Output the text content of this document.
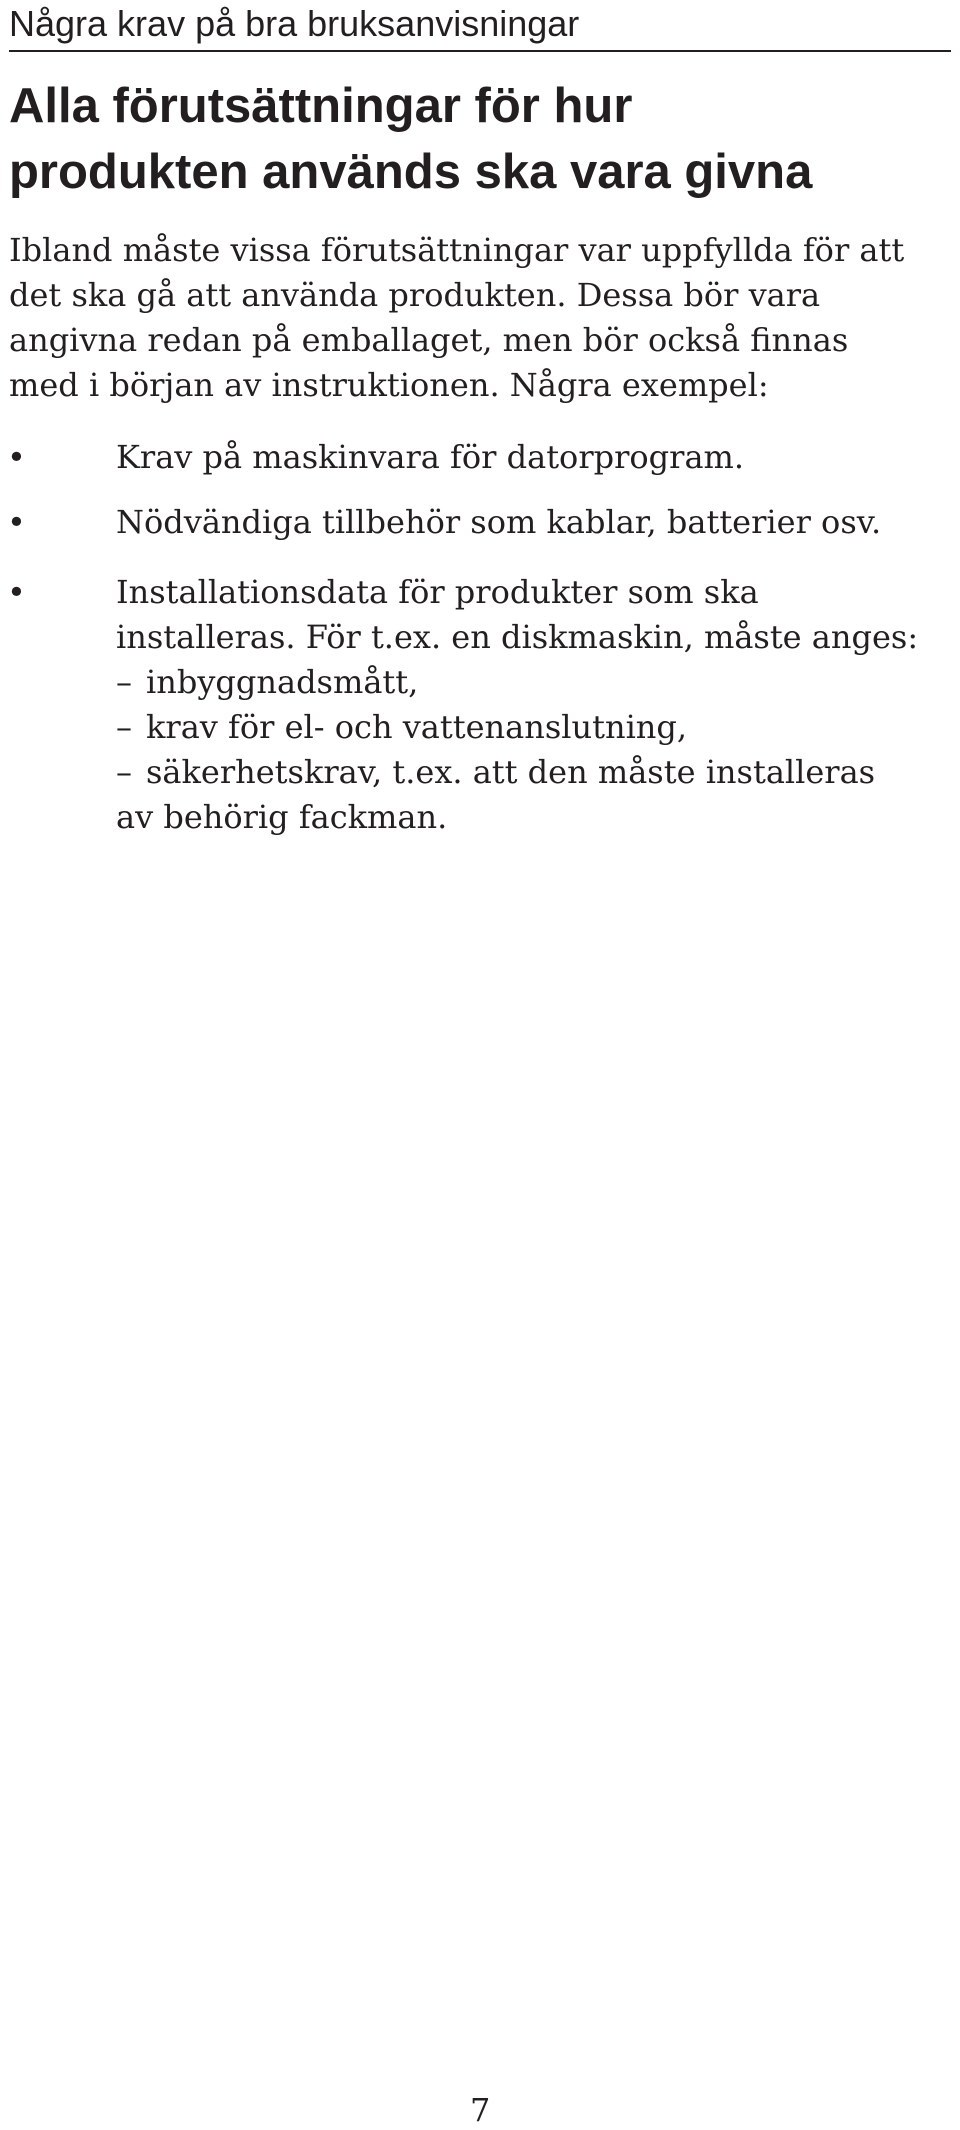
Några krav på bra bruksanvisningar
Alla förutsättningar för hur
produkten används ska vara givna
Ibland måste vissa förutsättningar var uppfyllda för att
det ska gå att använda produkten. Dessa bör vara
angivna redan på emballaget, men bör också finnas
med i början av instruktionen. Några exempel:
•	Krav på maskinvara för datorprogram.
•	Nödvändiga tillbehör som kablar, batterier osv.
•	Installationsdata för produkter som ska
installeras. För t.ex. en diskmaskin, måste anges:
– inbyggnadsmått,
– krav för el- och vattenanslutning,
– säkerhetskrav, t.ex. att den måste installeras
av behörig fackman.
7
